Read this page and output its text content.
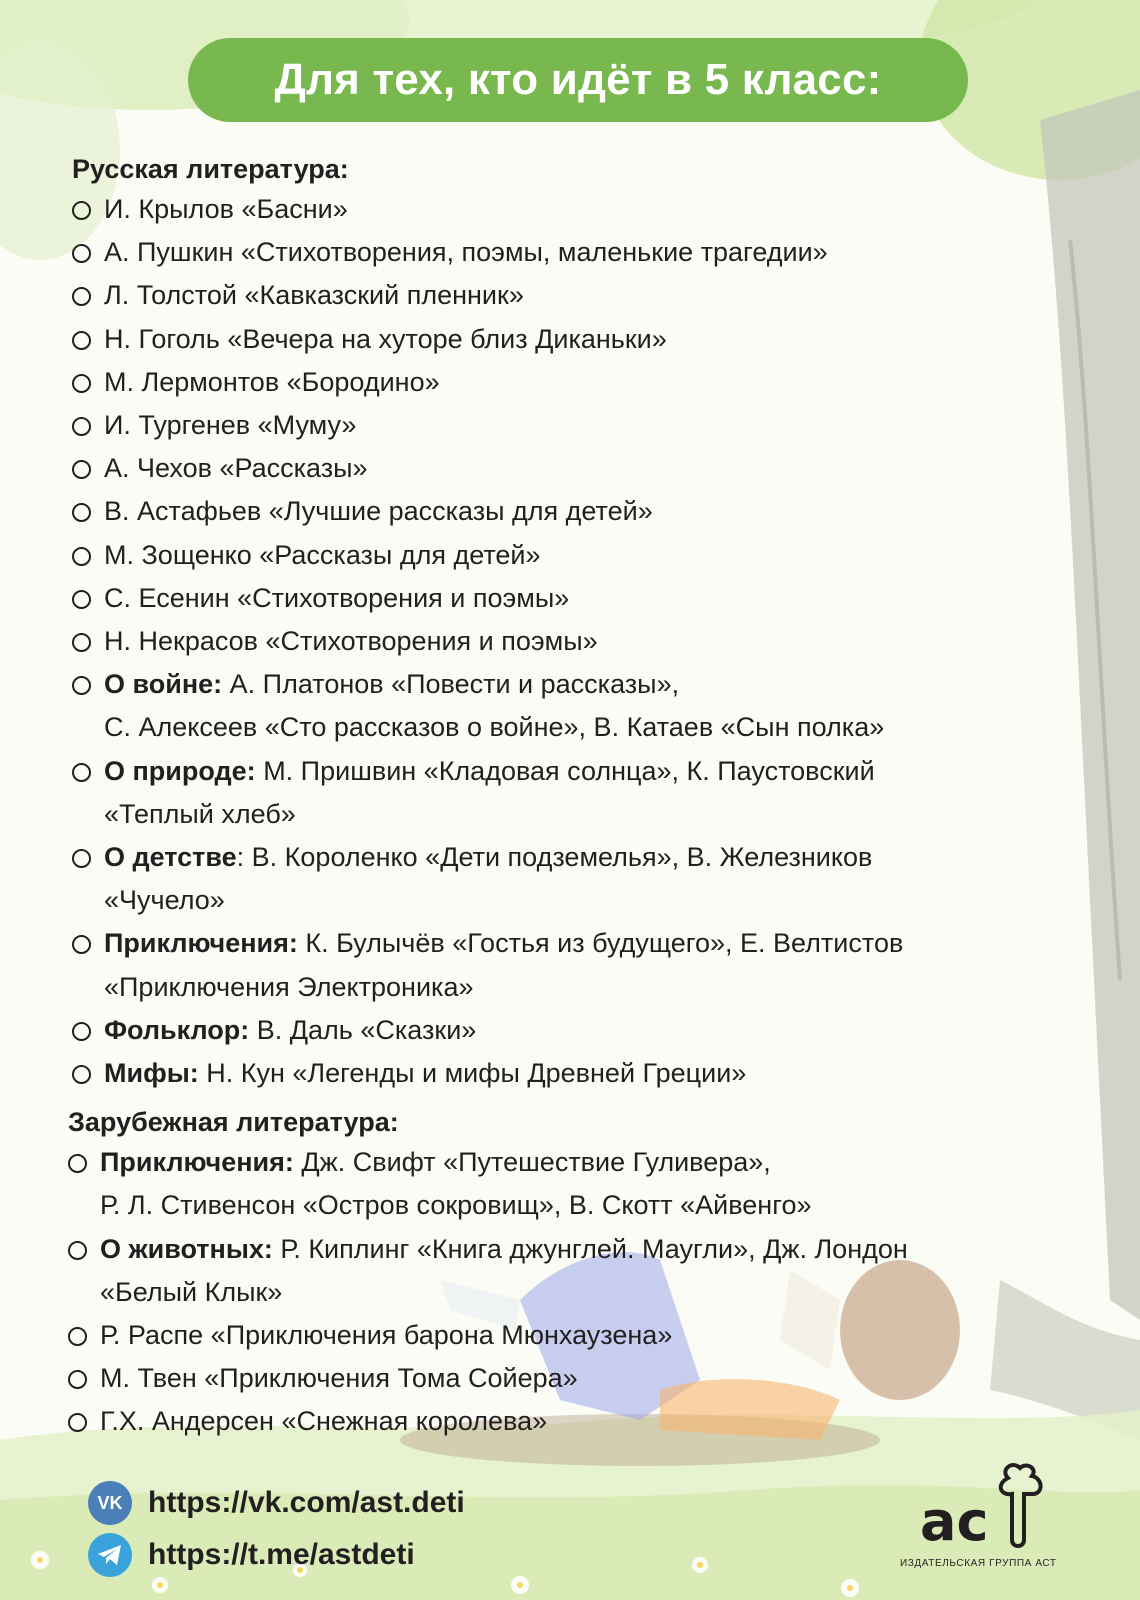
Для тех, кто идёт в 5 класс:
Русская литература:
И. Крылов «Басни»
А. Пушкин «Стихотворения, поэмы, маленькие трагедии»
Л. Толстой «Кавказский пленник»
Н. Гоголь «Вечера на хуторе близ Диканьки»
М. Лермонтов «Бородино»
И. Тургенев «Муму»
А. Чехов «Рассказы»
В. Астафьев «Лучшие рассказы для детей»
М. Зощенко «Рассказы для детей»
С. Есенин «Стихотворения и поэмы»
Н. Некрасов «Стихотворения и поэмы»
О войне: А. Платонов «Повести и рассказы»,
С. Алексеев «Сто рассказов о войне», В. Катаев «Сын полка»
О природе: М. Пришвин «Кладовая солнца», К. Паустовский
«Теплый хлеб»
О детстве: В. Короленко «Дети подземелья», В. Железников
«Чучело»
Приключения: К. Булычёв «Гостья из будущего», Е. Велтистов
«Приключения Электроника»
Фольклор: В. Даль «Сказки»
Мифы: Н. Кун «Легенды и мифы Древней Греции»
Зарубежная литература:
Приключения: Дж. Свифт «Путешествие Гуливера»,
Р. Л. Стивенсон «Остров сокровищ», В. Скотт «Айвенго»
О животных: Р. Киплинг «Книга джунглей. Маугли», Дж. Лондон
«Белый Клык»
Р. Распе «Приключения барона Мюнхаузена»
М. Твен «Приключения Тома Сойера»
Г.Х. Андерсен «Снежная королева»
VK https://vk.com/ast.deti
https://t.me/astdeti
ac
ИЗДАТЕЛЬСКАЯ ГРУППА АСТ
